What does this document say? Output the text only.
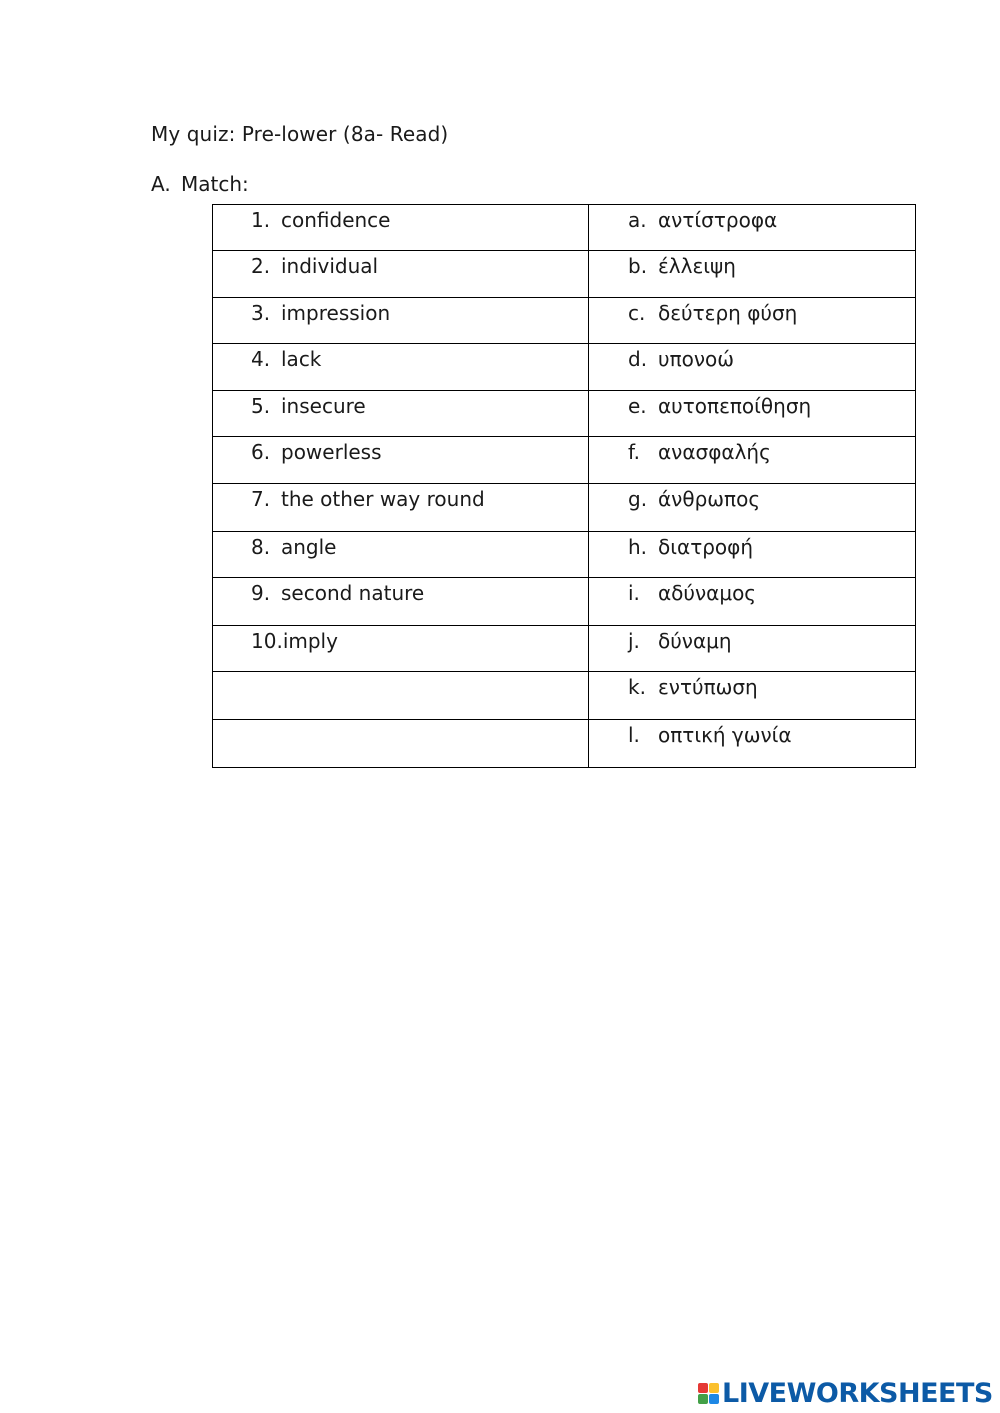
My quiz: Pre-lower (8a- Read)
A. Match:
1. confidence	a. αντίστροφα

2. individual	b. έλλειψη

3. impression	c. δεύτερη φύση

4. lack	d. υπονοώ

5. insecure	e. αυτοπεποίθηση

6. powerless	f. ανασφαλής

7. the other way round	g. άνθρωπος

8. angle	h. διατροφή

9. second nature	i. αδύναμος

10. imply	j. δύναμη

	k. εντύπωση

	l. οπτική γωνία
LIVEWORKSHEETS
